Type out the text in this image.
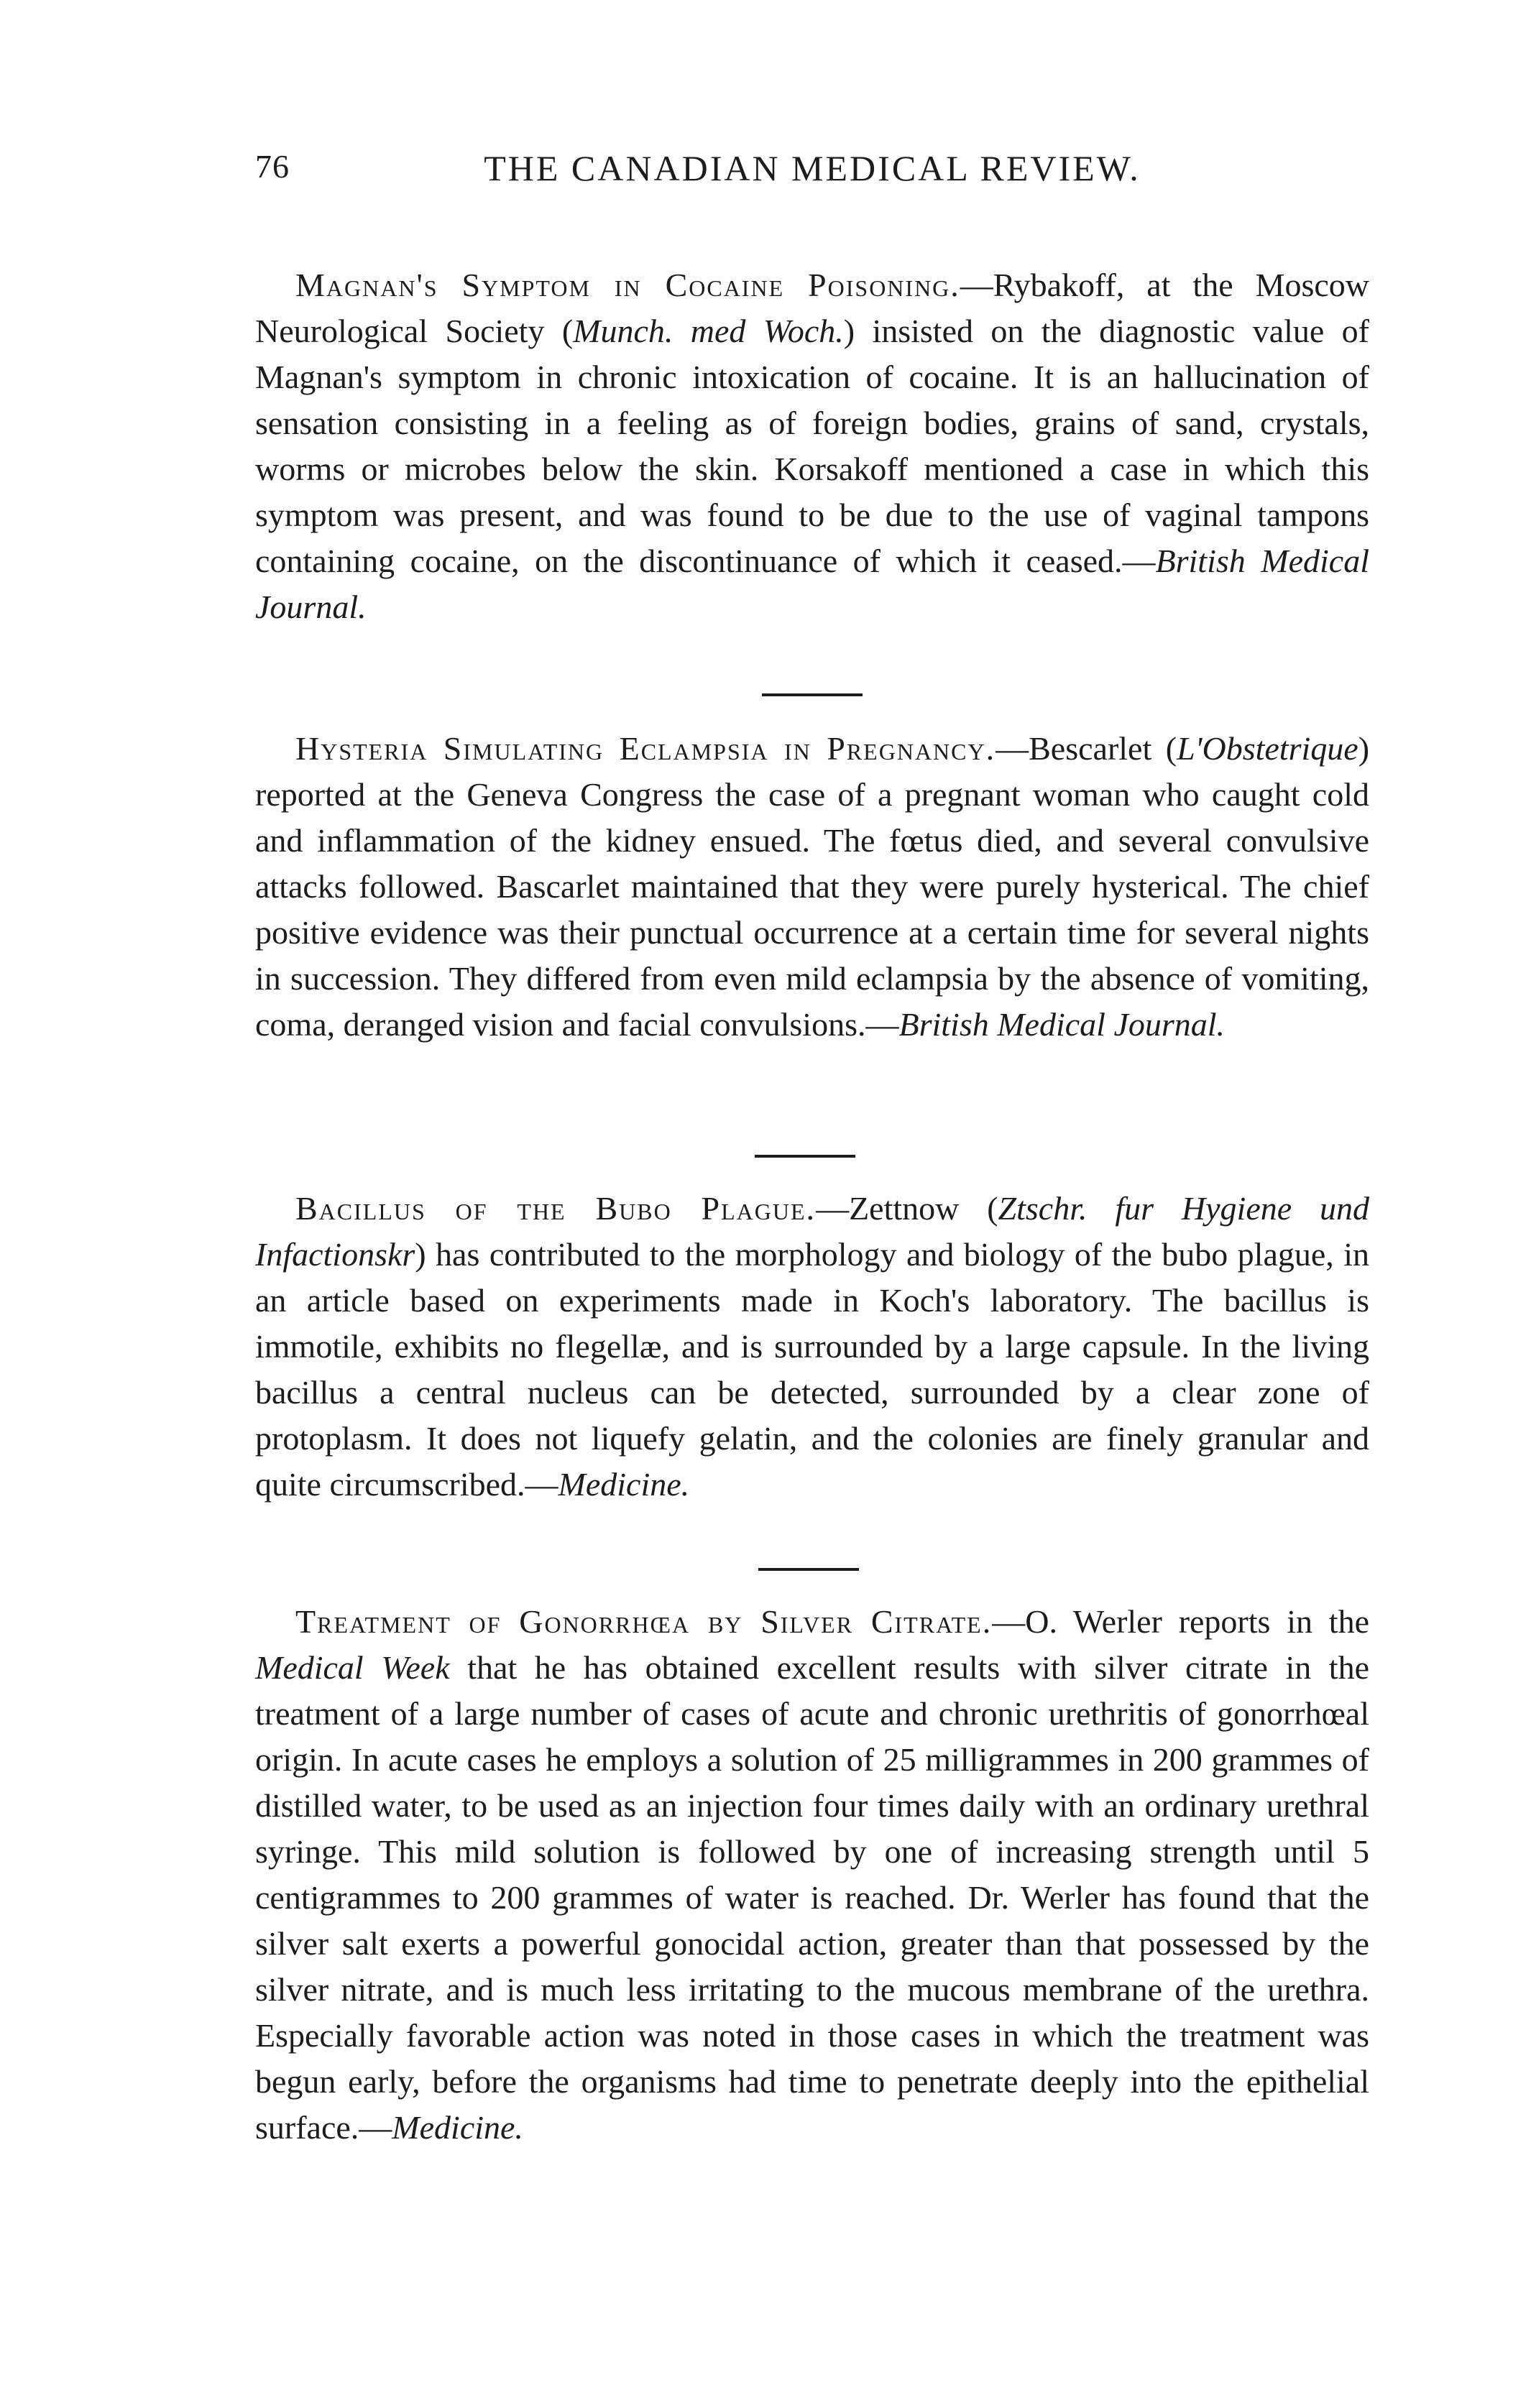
76	THE CANADIAN MEDICAL REVIEW.

Magnan's Symptom in Cocaine Poisoning.—Rybakoff, at the Moscow Neurological Society (Munch. med Woch.) insisted on the diagnostic value of Magnan's symptom in chronic intoxication of cocaine. It is an hallucination of sensation consisting in a feeling as of foreign bodies, grains of sand, crystals, worms or microbes below the skin. Korsakoff mentioned a case in which this symptom was present, and was found to be due to the use of vaginal tampons containing cocaine, on the discontinuance of which it ceased.—British Medical Journal.

Hysteria Simulating Eclampsia in Pregnancy.—Bescarlet (L'Obstetrique) reported at the Geneva Congress the case of a pregnant woman who caught cold and inflammation of the kidney ensued. The fœtus died, and several convulsive attacks followed. Bascarlet maintained that they were purely hysterical. The chief positive evidence was their punctual occurrence at a certain time for several nights in succession. They differed from even mild eclampsia by the absence of vomiting, coma, deranged vision and facial convulsions.—British Medical Journal.

Bacillus of the Bubo Plague.—Zettnow (Ztschr. fur Hygiene und Infactionskr) has contributed to the morphology and biology of the bubo plague, in an article based on experiments made in Koch's laboratory. The bacillus is immotile, exhibits no flegellæ, and is surrounded by a large capsule. In the living bacillus a central nucleus can be detected, surrounded by a clear zone of protoplasm. It does not liquefy gelatin, and the colonies are finely granular and quite circumscribed.—Medicine.

Treatment of Gonorrhœa by Silver Citrate.—O. Werler reports in the Medical Week that he has obtained excellent results with silver citrate in the treatment of a large number of cases of acute and chronic urethritis of gonorrhœal origin. In acute cases he employs a solution of 25 milligrammes in 200 grammes of distilled water, to be used as an injection four times daily with an ordinary urethral syringe. This mild solution is followed by one of increasing strength until 5 centigrammes to 200 grammes of water is reached. Dr. Werler has found that the silver salt exerts a powerful gonocidal action, greater than that possessed by the silver nitrate, and is much less irritating to the mucous membrane of the urethra. Especially favorable action was noted in those cases in which the treatment was begun early, before the organisms had time to penetrate deeply into the epithelial surface.—Medicine.
